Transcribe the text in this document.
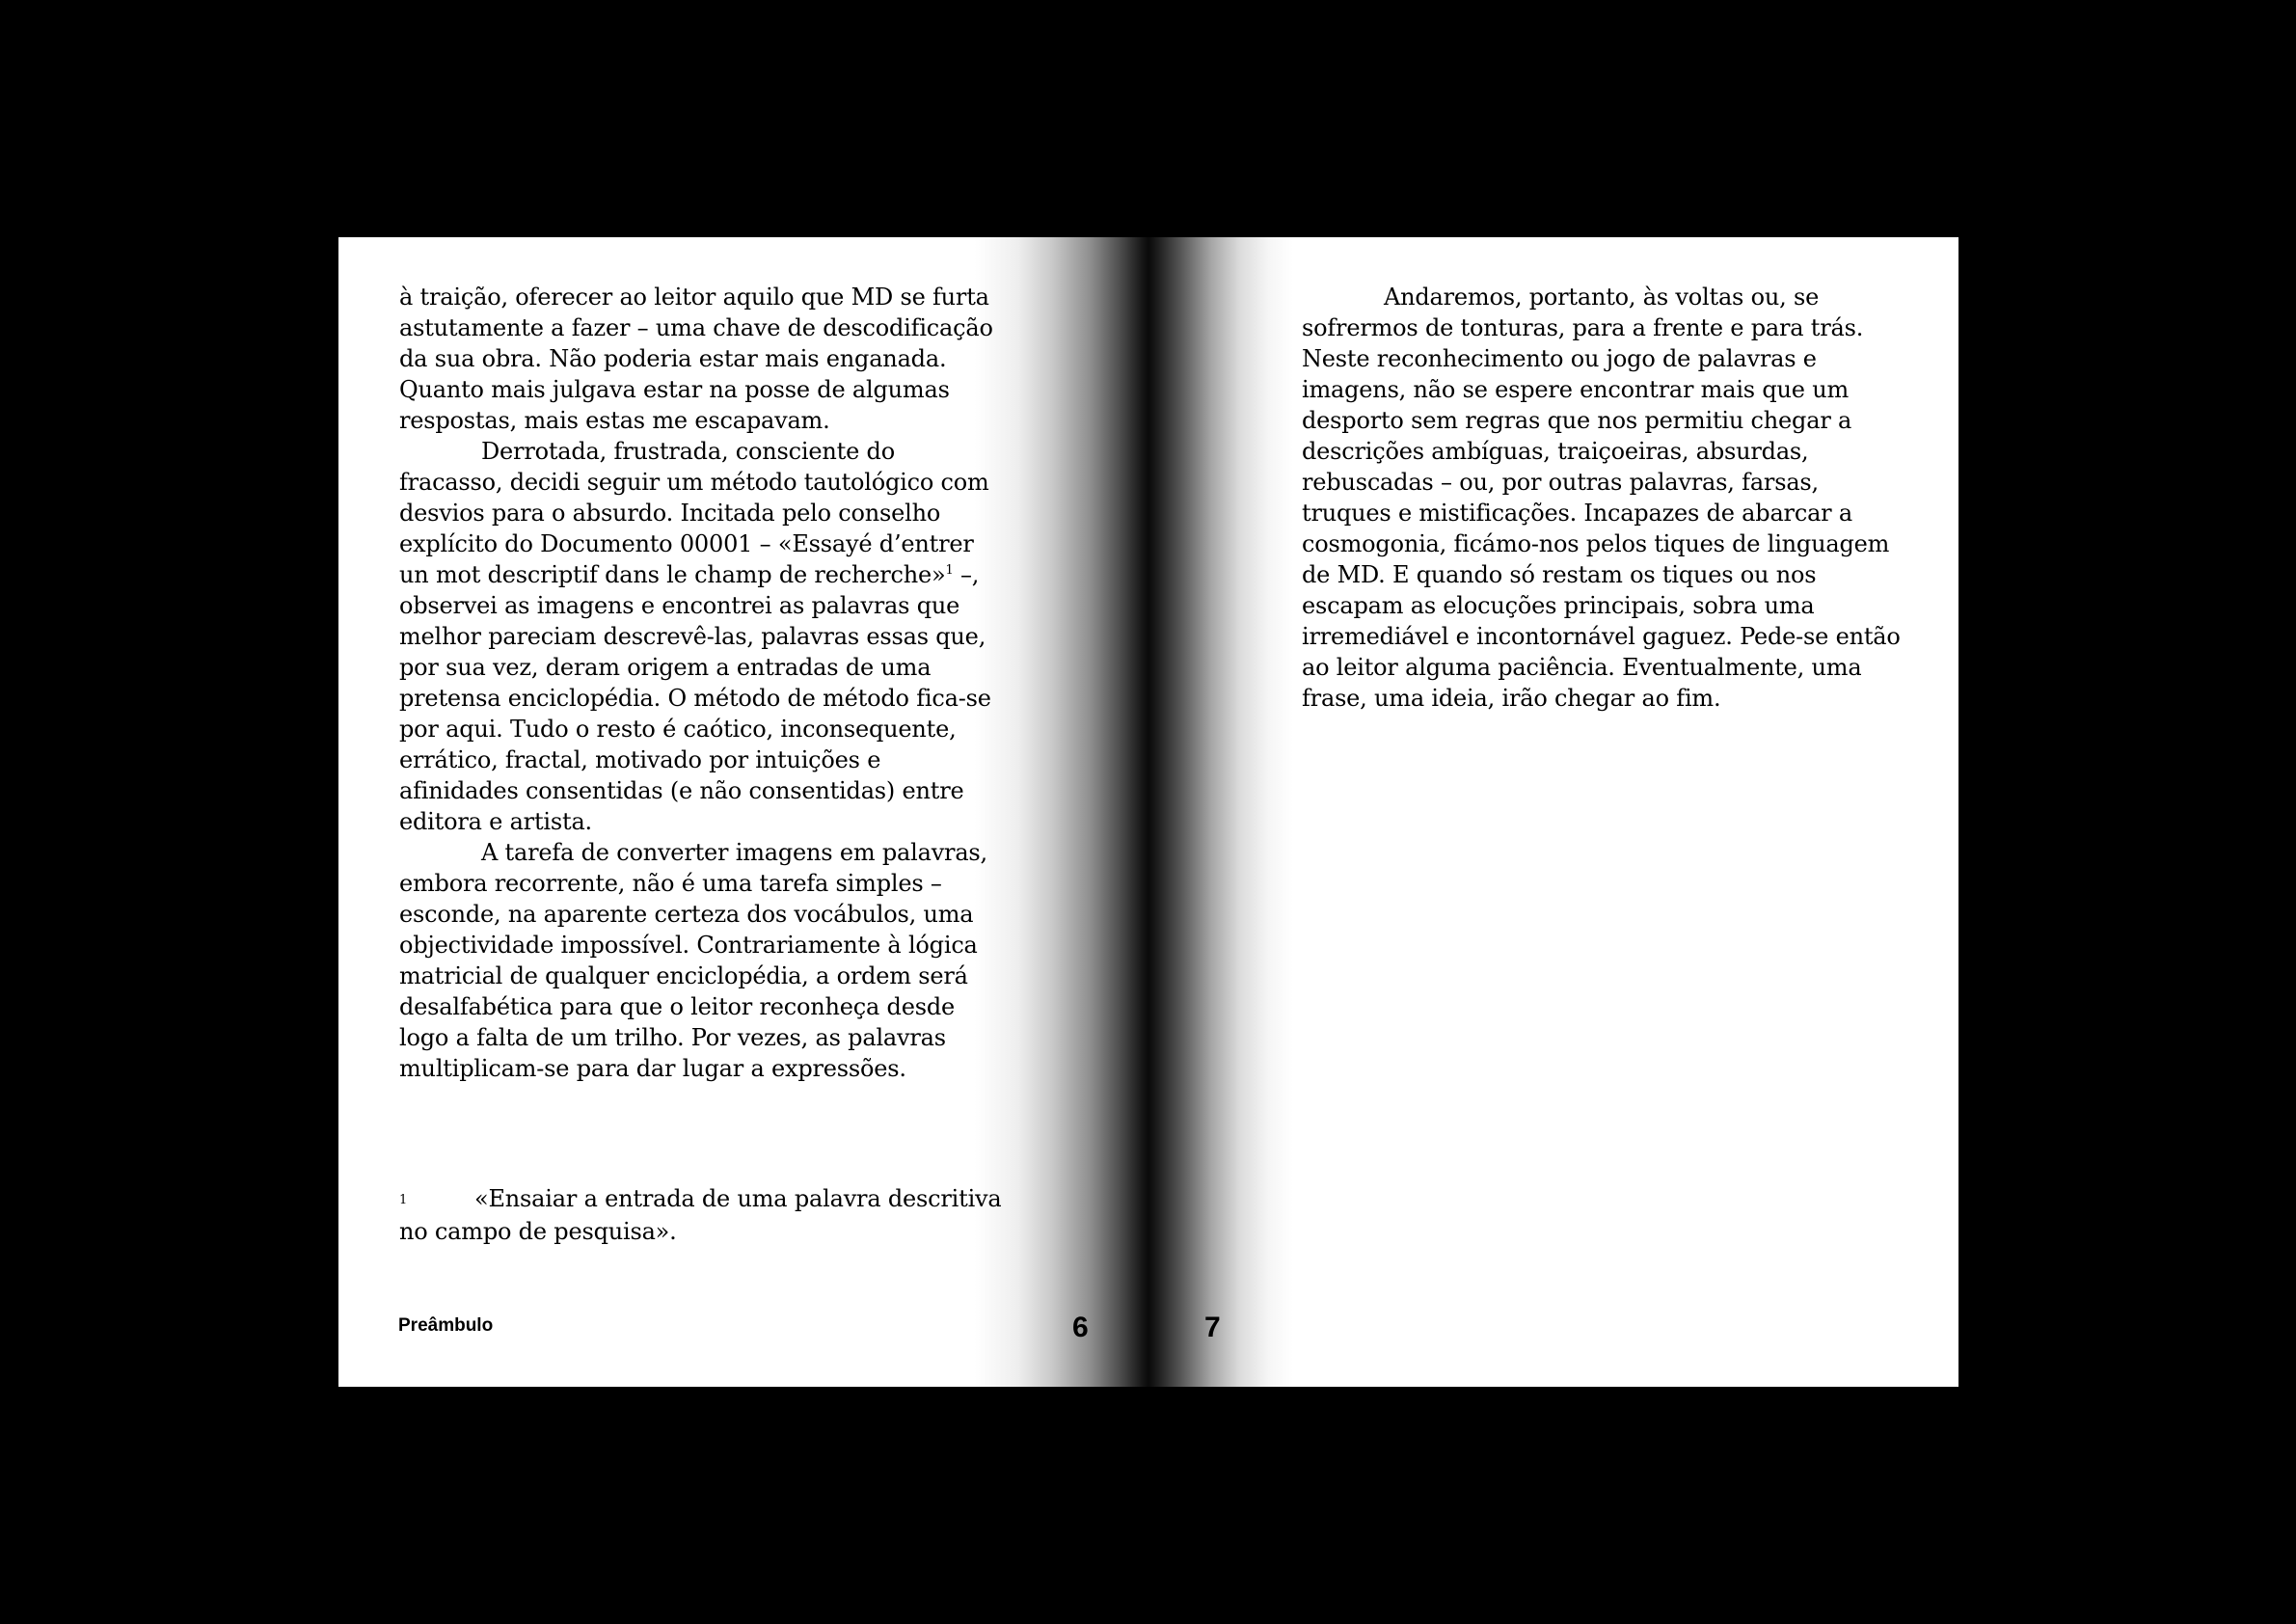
à traição, oferecer ao leitor aquilo que MD se furta astutamente a fazer – uma chave de descodificação da sua obra. Não poderia estar mais enganada. Quanto mais julgava estar na posse de algumas respostas, mais estas me escapavam.

Derrotada, frustrada, consciente do fracasso, decidi seguir um método tautológico com desvios para o absurdo. Incitada pelo conselho explícito do Documento 00001 – «Essayé d’entrer un mot descriptif dans le champ de recherche»$^1$ –, observei as imagens e encontrei as palavras que melhor pareciam descrevê-las, palavras essas que, por sua vez, deram origem a entradas de uma pretensa enciclopédia. O método de método fica-se por aqui. Tudo o resto é caótico, inconsequente, errático, fractal, motivado por intuições e afinidades consentidas (e não consentidas) entre editora e artista.

A tarefa de converter imagens em palavras, embora recorrente, não é uma tarefa simples – esconde, na aparente certeza dos vocábulos, uma objectividade impossível. Contrariamente à lógica matricial de qualquer enciclopédia, a ordem será desalfabética para que o leitor reconheça desde logo a falta de um trilho. Por vezes, as palavras multiplicam-se para dar lugar a expressões.

1	«Ensaiar a entrada de uma palavra descritiva no campo de pesquisa».
Preâmbulo	6

Andaremos, portanto, às voltas ou, se sofrermos de tonturas, para a frente e para trás. Neste reconhecimento ou jogo de palavras e imagens, não se espere encontrar mais que um desporto sem regras que nos permitiu chegar a descrições ambíguas, traiçoeiras, absurdas, rebuscadas – ou, por outras palavras, farsas, truques e mistificações. Incapazes de abarcar a cosmogonia, ficámo-nos pelos tiques de linguagem de MD. E quando só restam os tiques ou nos escapam as elocuções principais, sobra uma irremediável e incontornável gaguez. Pede-se então ao leitor alguma paciência. Eventualmente, uma frase, uma ideia, irão chegar ao fim.

7
